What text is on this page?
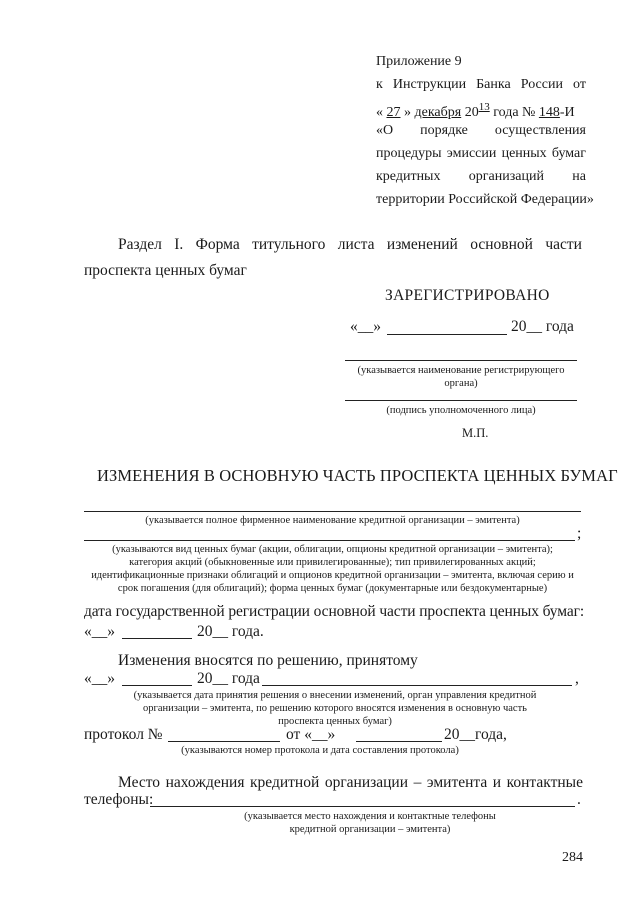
Приложение 9
к Инструкции Банка России от
« 27 » декабря $20^{13}$ года № 148-И
«О порядке осуществления
процедуры эмиссии ценных бумаг
кредитных организаций на
территории Российской Федерации»
Раздел I. Форма титульного листа изменений основной части
проспекта ценных бумаг
ЗАРЕГИСТРИРОВАНО
«__»	20__ года
(указывается наименование регистрирующего
органа)
(подпись уполномоченного лица)
М.П.
ИЗМЕНЕНИЯ В ОСНОВНУЮ ЧАСТЬ ПРОСПЕКТА ЦЕННЫХ БУМАГ
(указывается полное фирменное наименование кредитной организации – эмитента)
;
(указываются вид ценных бумаг (акции, облигации, опционы кредитной организации – эмитента);
категория акций (обыкновенные или привилегированные); тип привилегированных акций;
идентификационные признаки облигаций и опционов кредитной организации – эмитента, включая серию и
срок погашения (для облигаций); форма ценных бумаг (документарные или бездокументарные)
дата государственной регистрации основной части проспекта ценных бумаг:
«__»	20__ года.
Изменения вносятся по решению, принятому
«__»	20__ года	,
(указывается дата принятия решения о внесении изменений, орган управления кредитной
организации – эмитента, по решению которого вносятся изменения в основную часть
проспекта ценных бумаг)
протокол №	от «__»	20__года,
(указываются номер протокола и дата составления протокола)
Место нахождения кредитной организации – эмитента и контактные
телефоны:	.
(указывается место нахождения и контактные телефоны
кредитной организации – эмитента)
284
